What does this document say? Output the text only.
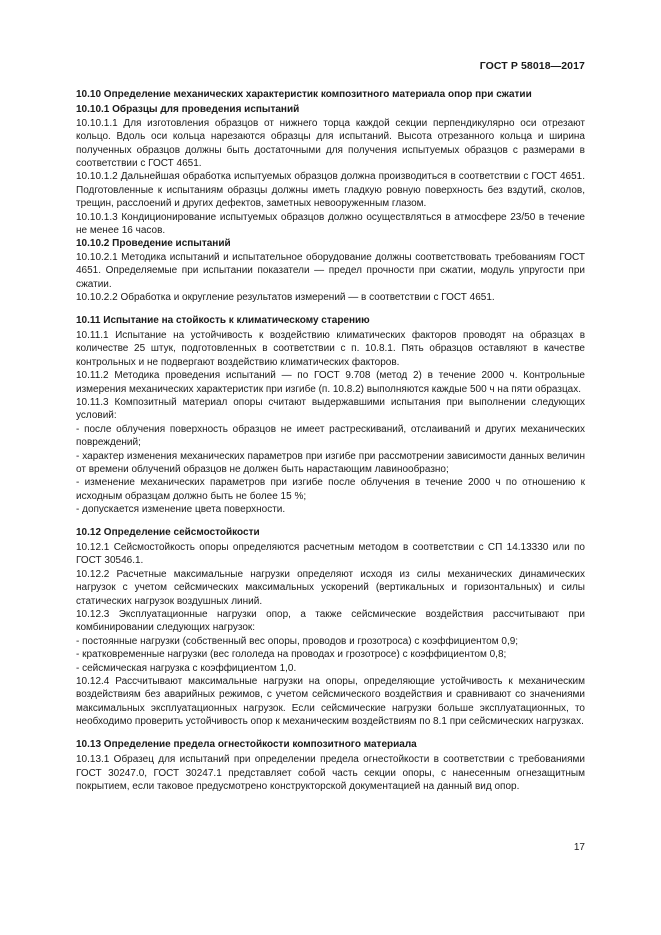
ГОСТ Р 58018—2017

10.10 Определение механических характеристик композитного материала опор при сжатии

10.10.1 Образцы для проведения испытаний

10.10.1.1 Для изготовления образцов от нижнего торца каждой секции перпендикулярно оси отрезают кольцо. Вдоль оси кольца нарезаются образцы для испытаний. Высота отрезанного кольца и ширина полученных образцов должны быть достаточными для получения испытуемых образцов с размерами в соответствии с ГОСТ 4651.

10.10.1.2 Дальнейшая обработка испытуемых образцов должна производиться в соответствии с ГОСТ 4651. Подготовленные к испытаниям образцы должны иметь гладкую ровную поверхность без вздутий, сколов, трещин, расслоений и других дефектов, заметных невооруженным глазом.

10.10.1.3 Кондиционирование испытуемых образцов должно осуществляться в атмосфере 23/50 в течение не менее 16 часов.

10.10.2 Проведение испытаний

10.10.2.1 Методика испытаний и испытательное оборудование должны соответствовать требованиям ГОСТ 4651. Определяемые при испытании показатели — предел прочности при сжатии, модуль упругости при сжатии.

10.10.2.2 Обработка и округление результатов измерений — в соответствии с ГОСТ 4651.

10.11 Испытание на стойкость к климатическому старению

10.11.1 Испытание на устойчивость к воздействию климатических факторов проводят на образцах в количестве 25 штук, подготовленных в соответствии с п. 10.8.1. Пять образцов оставляют в качестве контрольных и не подвергают воздействию климатических факторов.

10.11.2 Методика проведения испытаний — по ГОСТ 9.708 (метод 2) в течение 2000 ч. Контрольные измерения механических характеристик при изгибе (п. 10.8.2) выполняются каждые 500 ч на пяти образцах.

10.11.3 Композитный материал опоры считают выдержавшими испытания при выполнении следующих условий:

- после облучения поверхность образцов не имеет растрескиваний, отслаиваний и других механических повреждений;

- характер изменения механических параметров при изгибе при рассмотрении зависимости данных величин от времени облучений образцов не должен быть нарастающим лавинообразно;

- изменение механических параметров при изгибе после облучения в течение 2000 ч по отношению к исходным образцам должно быть не более 15 %;

- допускается изменение цвета поверхности.

10.12 Определение сейсмостойкости

10.12.1 Сейсмостойкость опоры определяются расчетным методом в соответствии с СП 14.13330 или по ГОСТ 30546.1.

10.12.2 Расчетные максимальные нагрузки определяют исходя из силы механических динамических нагрузок с учетом сейсмических максимальных ускорений (вертикальных и горизонтальных) и силы статических нагрузок воздушных линий.

10.12.3 Эксплуатационные нагрузки опор, а также сейсмические воздействия рассчитывают при комбинировании следующих нагрузок:

- постоянные нагрузки (собственный вес опоры, проводов и грозотроса) с коэффициентом 0,9;

- кратковременные нагрузки (вес гололеда на проводах и грозотросе) с коэффициентом 0,8;

- сейсмическая нагрузка с коэффициентом 1,0.

10.12.4 Рассчитывают максимальные нагрузки на опоры, определяющие устойчивость к механическим воздействиям без аварийных режимов, с учетом сейсмического воздействия и сравнивают со значениями максимальных эксплуатационных нагрузок. Если сейсмические нагрузки больше эксплуатационных, то необходимо проверить устойчивость опор к механическим воздействиям по 8.1 при сейсмических нагрузках.

10.13 Определение предела огнестойкости композитного материала

10.13.1 Образец для испытаний при определении предела огнестойкости в соответствии с требованиями ГОСТ 30247.0, ГОСТ 30247.1 представляет собой часть секции опоры, с нанесенным огнезащитным покрытием, если таковое предусмотрено конструкторской документацией на данный вид опор.

17
